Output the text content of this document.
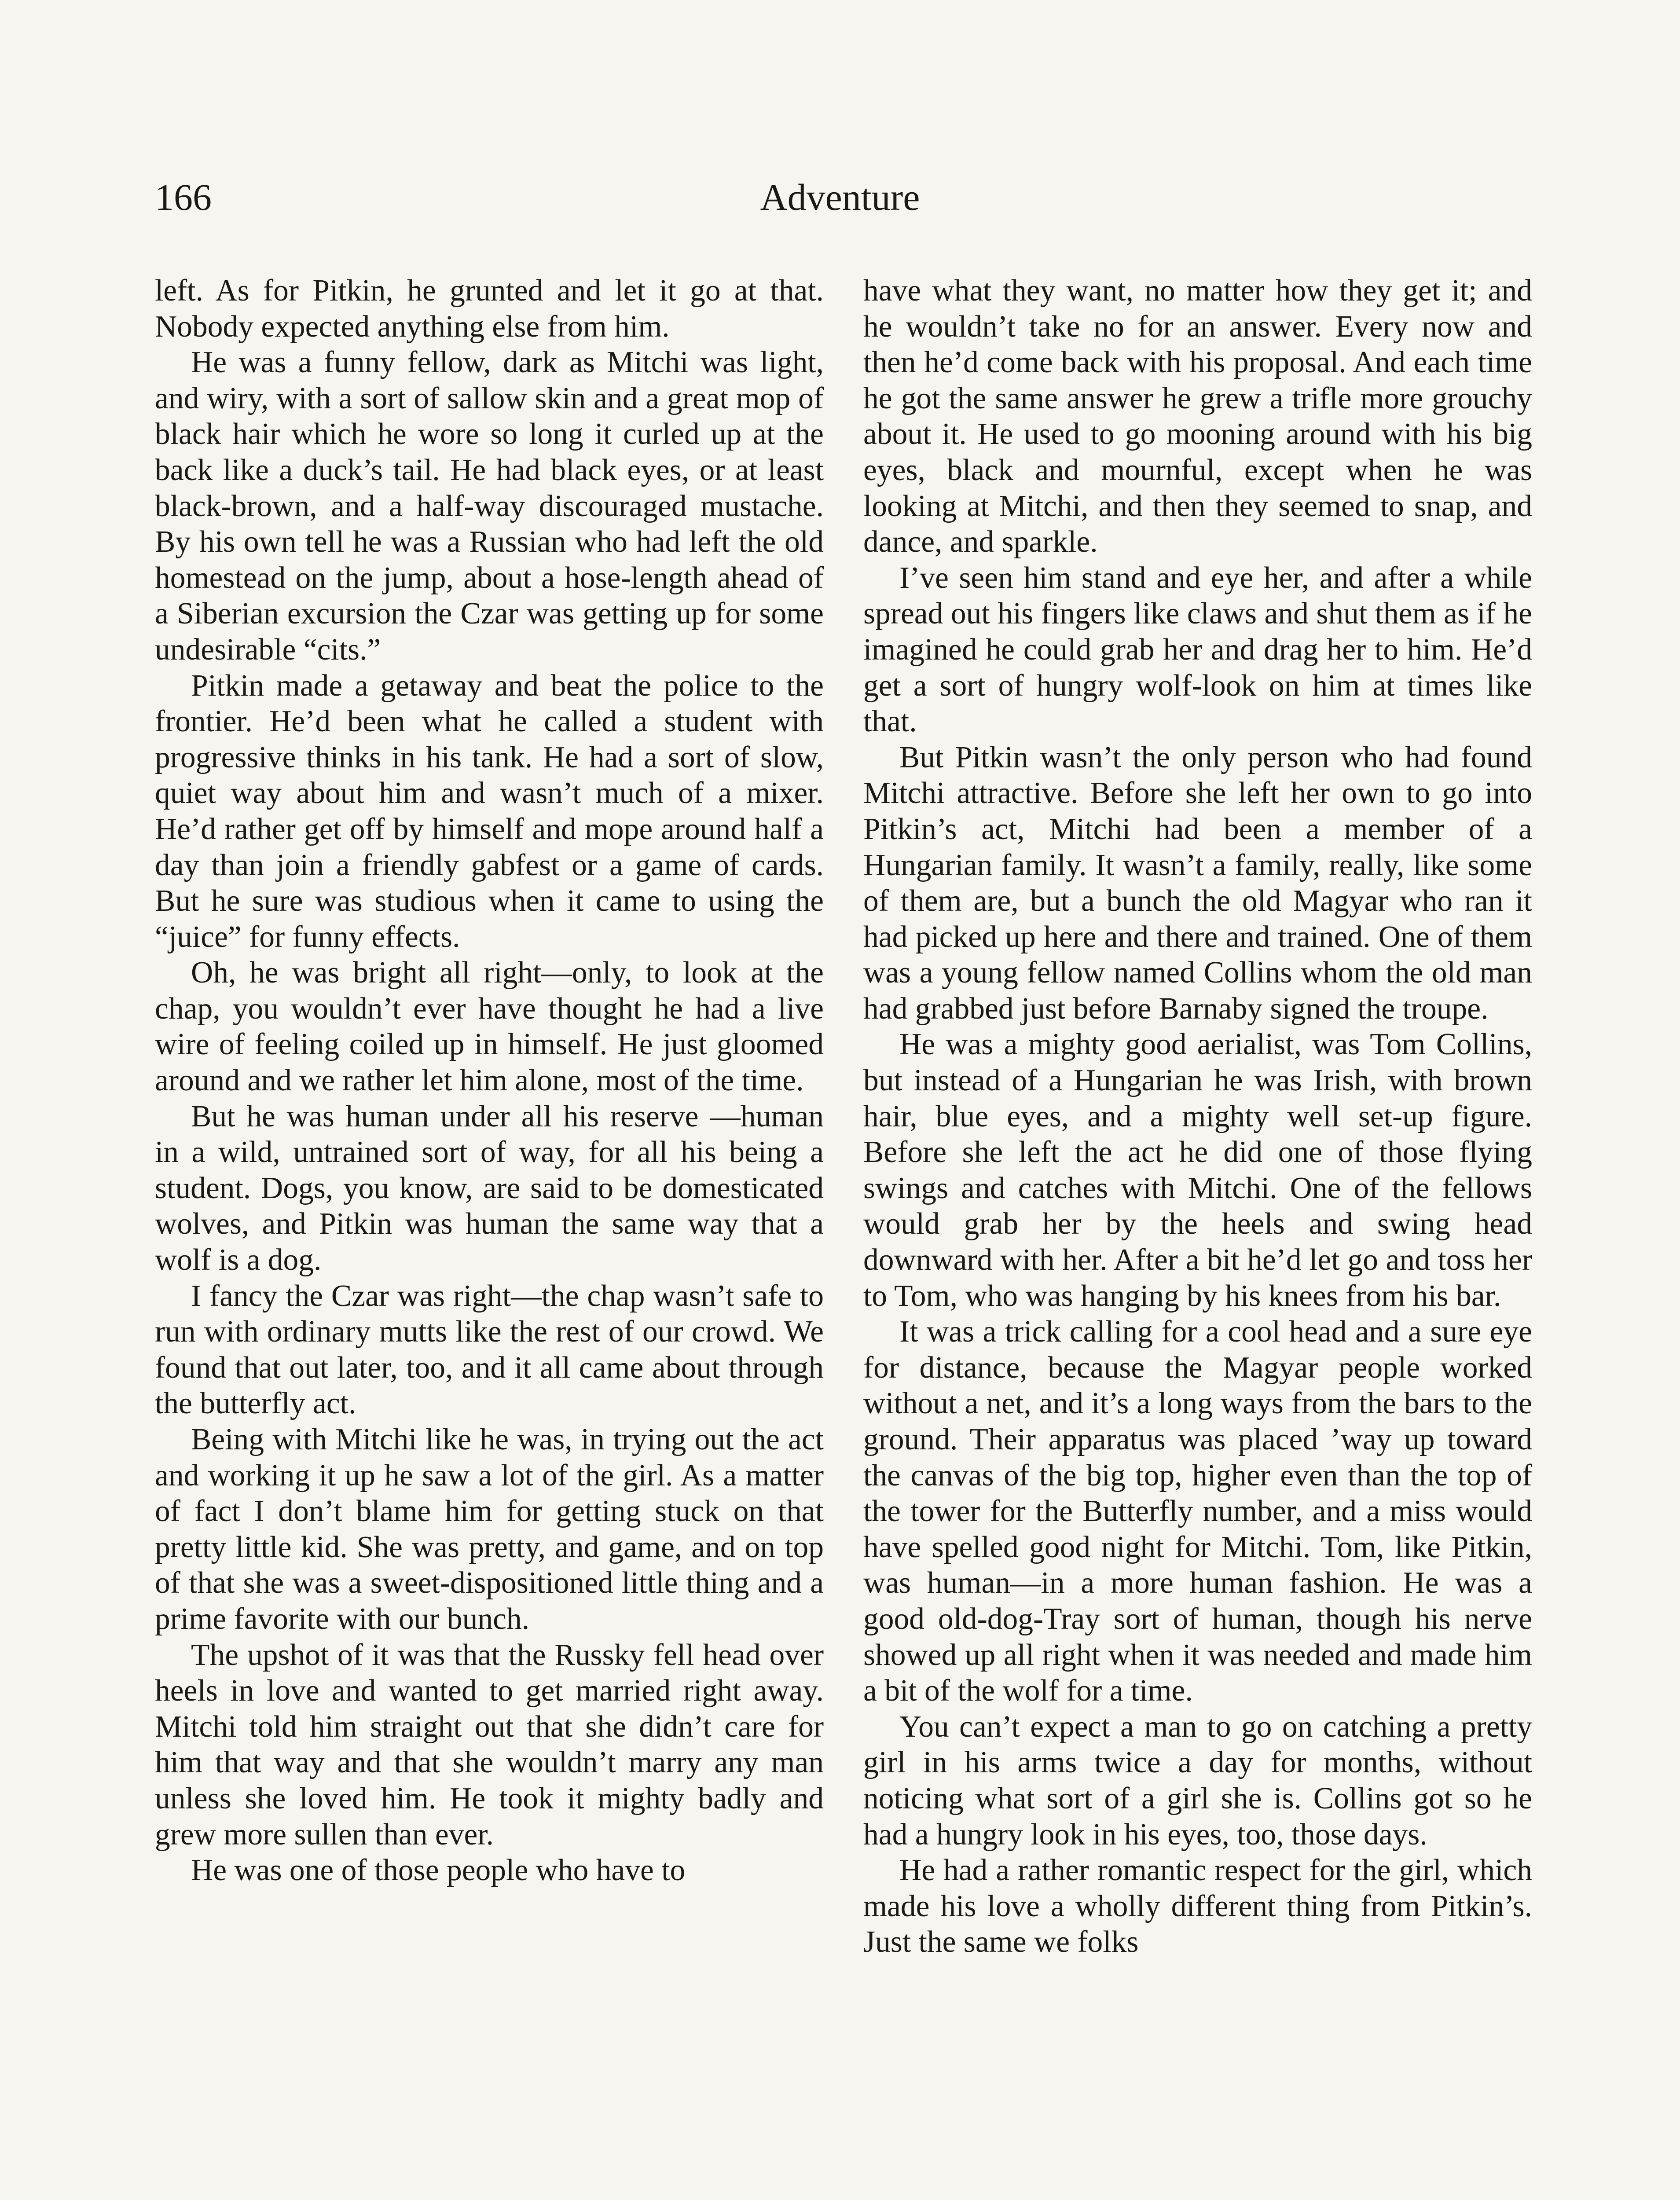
166	Adventure

left. As for Pitkin, he grunted and let it go at that. Nobody expected anything else from him.

He was a funny fellow, dark as Mitchi was light, and wiry, with a sort of sallow skin and a great mop of black hair which he wore so long it curled up at the back like a duck’s tail. He had black eyes, or at least black-brown, and a half-way discouraged mustache. By his own tell he was a Russian who had left the old homestead on the jump, about a hose-length ahead of a Siberian excursion the Czar was getting up for some undesirable “cits.”

Pitkin made a getaway and beat the police to the frontier. He’d been what he called a student with progressive thinks in his tank. He had a sort of slow, quiet way about him and wasn’t much of a mixer. He’d rather get off by himself and mope around half a day than join a friendly gabfest or a game of cards. But he sure was studious when it came to using the “juice” for funny effects.

Oh, he was bright all right—only, to look at the chap, you wouldn’t ever have thought he had a live wire of feeling coiled up in himself. He just gloomed around and we rather let him alone, most of the time.

But he was human under all his reserve —human in a wild, untrained sort of way, for all his being a student. Dogs, you know, are said to be domesticated wolves, and Pitkin was human the same way that a wolf is a dog.

I fancy the Czar was right—the chap wasn’t safe to run with ordinary mutts like the rest of our crowd. We found that out later, too, and it all came about through the butterfly act.

Being with Mitchi like he was, in trying out the act and working it up he saw a lot of the girl. As a matter of fact I don’t blame him for getting stuck on that pretty little kid. She was pretty, and game, and on top of that she was a sweet-dispositioned little thing and a prime favorite with our bunch.

The upshot of it was that the Russky fell head over heels in love and wanted to get married right away. Mitchi told him straight out that she didn’t care for him that way and that she wouldn’t marry any man unless she loved him. He took it mighty badly and grew more sullen than ever.

He was one of those people who have to

have what they want, no matter how they get it; and he wouldn’t take no for an answer. Every now and then he’d come back with his proposal. And each time he got the same answer he grew a trifle more grouchy about it. He used to go mooning around with his big eyes, black and mournful, except when he was looking at Mitchi, and then they seemed to snap, and dance, and sparkle.

I’ve seen him stand and eye her, and after a while spread out his fingers like claws and shut them as if he imagined he could grab her and drag her to him. He’d get a sort of hungry wolf-look on him at times like that.

But Pitkin wasn’t the only person who had found Mitchi attractive. Before she left her own to go into Pitkin’s act, Mitchi had been a member of a Hungarian family. It wasn’t a family, really, like some of them are, but a bunch the old Magyar who ran it had picked up here and there and trained. One of them was a young fellow named Collins whom the old man had grabbed just before Barnaby signed the troupe.

He was a mighty good aerialist, was Tom Collins, but instead of a Hungarian he was Irish, with brown hair, blue eyes, and a mighty well set-up figure. Before she left the act he did one of those flying swings and catches with Mitchi. One of the fellows would grab her by the heels and swing head downward with her. After a bit he’d let go and toss her to Tom, who was hanging by his knees from his bar.

It was a trick calling for a cool head and a sure eye for distance, because the Magyar people worked without a net, and it’s a long ways from the bars to the ground. Their apparatus was placed ’way up toward the canvas of the big top, higher even than the top of the tower for the Butterfly number, and a miss would have spelled good night for Mitchi. Tom, like Pitkin, was human—in a more human fashion. He was a good old-dog-Tray sort of human, though his nerve showed up all right when it was needed and made him a bit of the wolf for a time.

You can’t expect a man to go on catching a pretty girl in his arms twice a day for months, without noticing what sort of a girl she is. Collins got so he had a hungry look in his eyes, too, those days.

He had a rather romantic respect for the girl, which made his love a wholly different thing from Pitkin’s. Just the same we folks
